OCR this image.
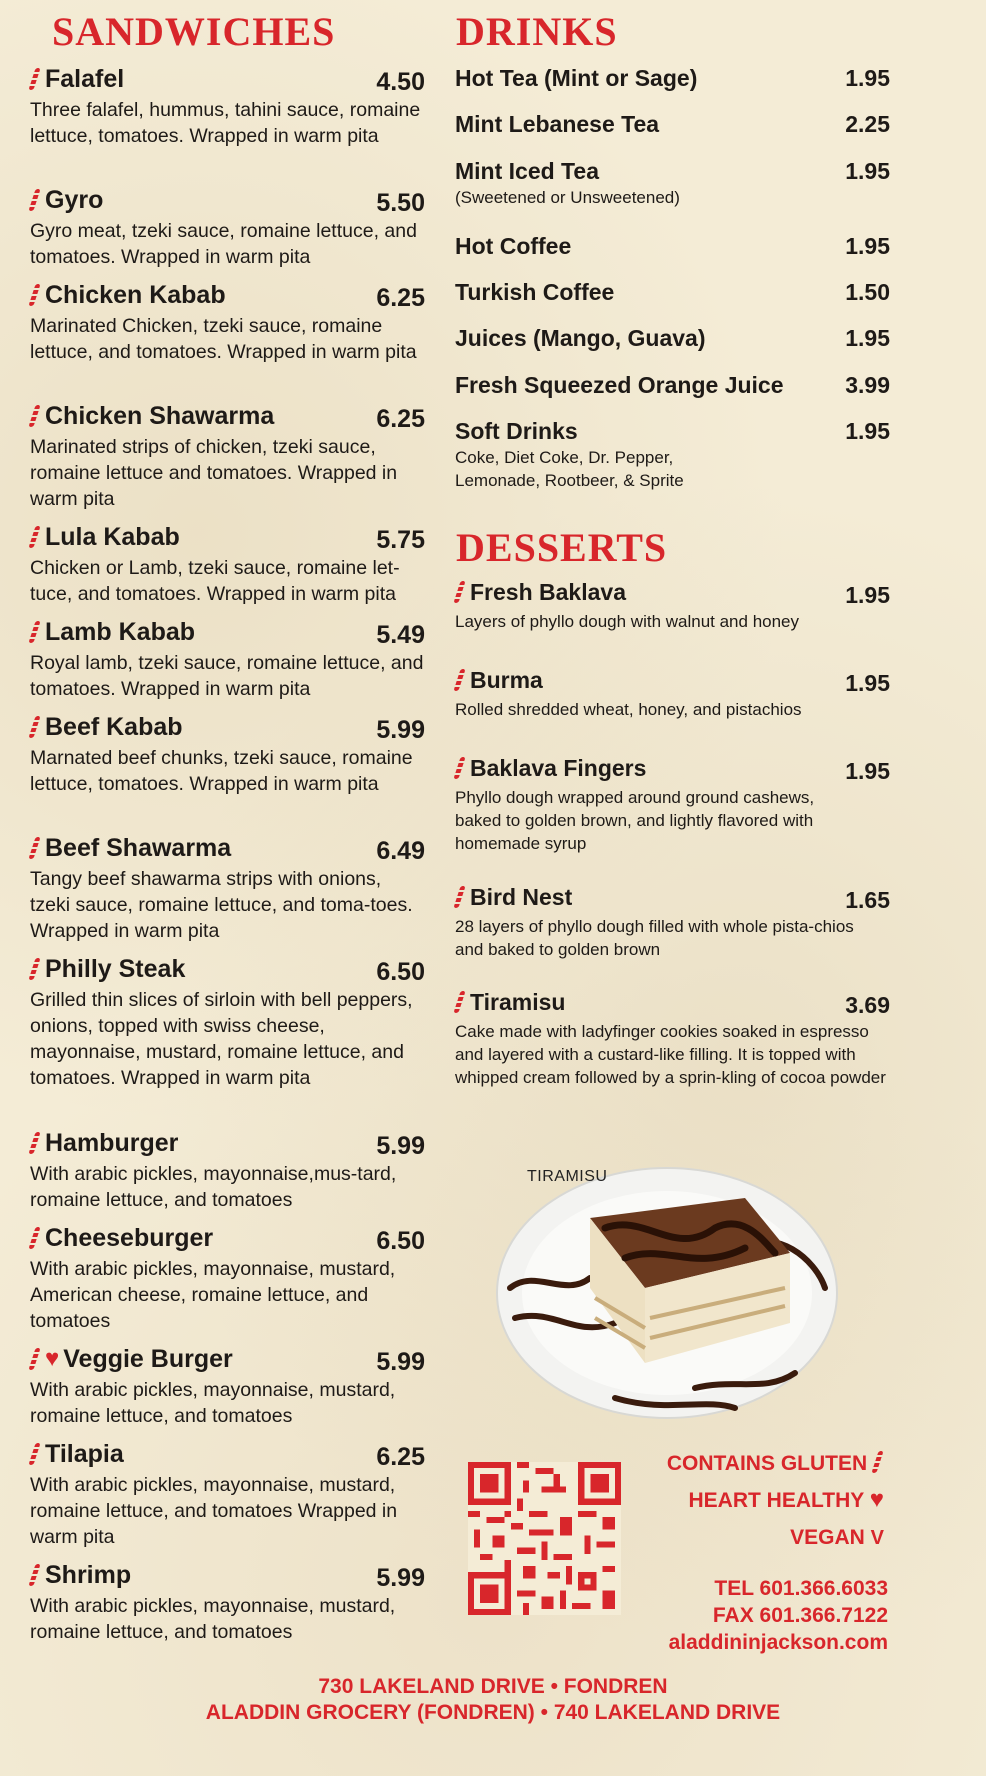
SANDWICHES
Falafel	4.50
Three falafel, hummus, tahini sauce, romaine lettuce, tomatoes. Wrapped in warm pita
Gyro	5.50
Gyro meat, tzeki sauce, romaine lettuce, and tomatoes. Wrapped in warm pita
Chicken Kabab	6.25
Marinated Chicken, tzeki sauce, romaine lettuce, and tomatoes. Wrapped in warm pita
Chicken Shawarma	6.25
Marinated strips of chicken, tzeki sauce, romaine lettuce and tomatoes. Wrapped in warm pita
Lula Kabab	5.75
Chicken or Lamb, tzeki sauce, romaine let-tuce, and tomatoes. Wrapped in warm pita
Lamb Kabab	5.49
Royal lamb, tzeki sauce, romaine lettuce, and tomatoes. Wrapped in warm pita
Beef Kabab	5.99
Marnated beef chunks, tzeki sauce, romaine lettuce, tomatoes. Wrapped in warm pita
Beef Shawarma	6.49
Tangy beef shawarma strips with onions, tzeki sauce, romaine lettuce, and toma-toes. Wrapped in warm pita
Philly Steak	6.50
Grilled thin slices of sirloin with bell peppers, onions, topped with swiss cheese, mayonnaise, mustard, romaine lettuce, and tomatoes. Wrapped in warm pita
Hamburger	5.99
With arabic pickles, mayonnaise,mus-tard, romaine lettuce, and tomatoes
Cheeseburger	6.50
With arabic pickles, mayonnaise, mustard, American cheese, romaine lettuce, and tomatoes
♥ Veggie Burger	5.99
With arabic pickles, mayonnaise, mustard, romaine lettuce, and tomatoes
Tilapia	6.25
With arabic pickles, mayonnaise, mustard, romaine lettuce, and tomatoes Wrapped in warm pita
Shrimp	5.99
With arabic pickles, mayonnaise, mustard, romaine lettuce, and tomatoes
DRINKS
Hot Tea (Mint or Sage)	1.95
Mint Lebanese Tea	2.25
Mint Iced Tea	1.95
(Sweetened or Unsweetened)
Hot Coffee	1.95
Turkish Coffee	1.50
Juices (Mango, Guava)	1.95
Fresh Squeezed Orange Juice	3.99
Soft Drinks	1.95
Coke, Diet Coke, Dr. Pepper, Lemonade, Rootbeer, & Sprite
DESSERTS
Fresh Baklava	1.95
Layers of phyllo dough with walnut and honey
Burma	1.95
Rolled shredded wheat, honey, and pistachios
Baklava Fingers	1.95
Phyllo dough wrapped around ground cashews, baked to golden brown, and lightly flavored with homemade syrup
Bird Nest	1.65
28 layers of phyllo dough filled with whole pista-chios and baked to golden brown
Tiramisu	3.69
Cake made with ladyfinger cookies soaked in espresso and layered with a custard-like filling. It is topped with whipped cream followed by a sprin-kling of cocoa powder
TIRAMISU
CONTAINS GLUTEN
HEART HEALTHY ♥
VEGAN V
TEL 601.366.6033
FAX 601.366.7122
aladdininjackson.com
730 LAKELAND DRIVE • FONDREN
ALADDIN GROCERY (FONDREN) • 740 LAKELAND DRIVE
